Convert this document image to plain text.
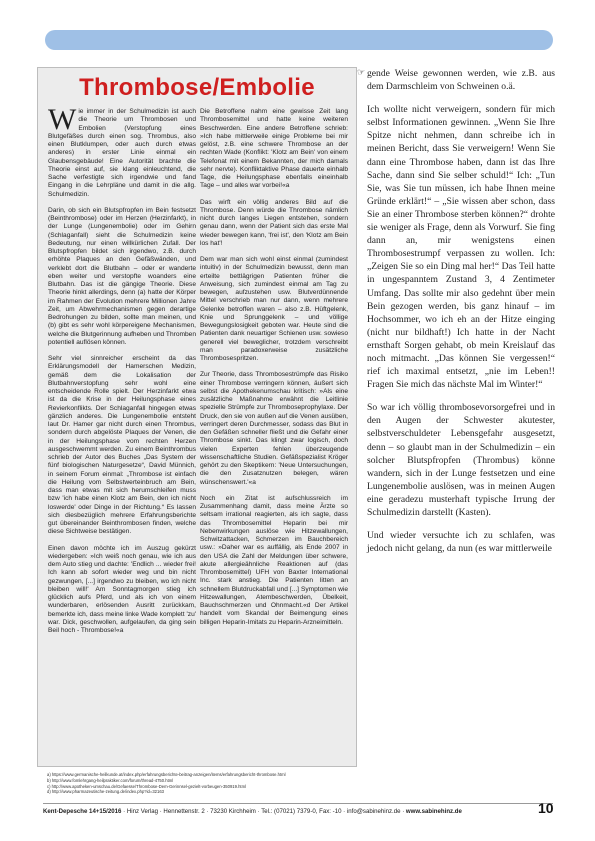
Thrombose/Embolie

Wie immer in der Schulmedizin ist auch die Theorie um Thrombosen und Embolien (Verstopfung eines Blutgefäßes durch einen sog. Thrombus, also einen Blutklumpen, oder auch durch etwas anderes) in erster Linie einmal ein Glaubensgebäude! Eine Autorität brachte die Theorie einst auf, sie klang einleuchtend, die Sache verfestigte sich irgendwie und fand Eingang in die Lehrpläne und damit in die allg. Schulmedizin.

Darin, ob sich ein Blutspfropfen im Bein festsetzt (Beinthrombose) oder im Herzen (Herzinfarkt), in der Lunge (Lungenembolie) oder im Gehirn (Schlaganfall) sieht die Schulmedizin keine Bedeutung, nur einen willkürlichen Zufall. Der Blutspfropfen bildet sich irgendwo, z.B. durch erhöhte Plaques an den Gefäßwänden, und verklebt dort die Blutbahn – oder er wanderte eben weiter und verstopfte woanders eine Blutbahn. Das ist die gängige Theorie. Diese Theorie hinkt allerdings, denn (a) hatte der Körper im Rahmen der Evolution mehrere Millionen Jahre Zeit, um Abwehrmechanismen gegen derartige Bedrohungen zu bilden, sollte man meinen, und (b) gibt es sehr wohl körpereigene Mechanismen, welche die Blutgerinnung aufheben und Thromben potentiell auflösen können.

Sehr viel sinnreicher erscheint da das Erklärungsmodell der Hamerschen Medizin, gemäß dem die Lokalisation der Blutbahnverstopfung sehr wohl eine entscheidende Rolle spielt. Der Herzinfarkt etwa ist da die Krise in der Heilungsphase eines Revierkonflikts. Der Schlaganfall hingegen etwas gänzlich anderes. Die Lungenembolie entsteht laut Dr. Hamer gar nicht durch einen Thrombus, sondern durch abgelöste Plaques der Venen, die in der Heilungsphase vom rechten Herzen ausgeschwemmt werden. Zu einem Beinthrombus schrieb der Autor des Buches „Das System der fünf biologischen Naturgesetze“, David Münnich, in seinem Forum einmal: „Thrombose ist einfach die Heilung vom Selbstwerteinbruch am Bein, dass man etwas mit sich herumschleifen muss bzw 'ich habe einen Klotz am Bein, den ich nicht loswerde' oder Dinge in der Richtung.“ Es lassen sich diesbezüglich mehrere Erfahrungsberichte gut übereinander Beinthrombosen finden, welche diese Sichtweise bestätigen.

Einen davon möchte ich im Auszug gekürzt wiedergeben: »Ich weiß noch genau, wie ich aus dem Auto stieg und dachte: 'Endlich ... wieder frei! Ich kann ab sofort wieder weg und bin nicht gezwungen, [...] irgendwo zu bleiben, wo ich nicht bleiben will!' Am Sonntagmorgen stieg ich glücklich aufs Pferd, und als ich von einem wunderbaren, erlösenden Ausritt zurückkam, bemerkte ich, dass meine linke Wade komplett 'zu' war. Dick, geschwollen, aufgelaufen, da ging sein Beil hoch - Thrombose!«a

Die Betroffene nahm eine gewisse Zeit lang Thrombosemittel und hatte keine weiteren Beschwerden. Eine andere Betroffene schrieb: »Ich habe mittlerweile einige Probleme bei mir gelöst, z.B. eine schwere Thrombose an der rechten Wade (Konflikt: 'Klotz am Bein' von einem Telefonat mit einem Bekannten, der mich damals sehr nervte). Konfliktaktive Phase dauerte einhalb Tage, die Heilungsphase ebenfalls eineinhalb Tage – und alles war vorbei!«a

Das wirft ein völlig anderes Bild auf die Thrombose. Denn würde die Thrombose nämlich nicht durch langes Liegen entstehen, sondern genau dann, wenn der Patient sich das erste Mal wieder bewegen kann, 'frei ist', den 'Klotz am Bein los hat'!

Dem war man sich wohl einst einmal (zumindest intuitiv) in der Schulmedizin bewusst, denn man erteilte bettlägrigen Patienten früher die Anweisung, sich zumindest einmal am Tag zu bewegen, aufzustehen usw. Blutverdünnende Mittel verschrieb man nur dann, wenn mehrere Gelenke betroffen waren – also z.B. Hüftgelenk, Knie und Sprunggelenk – und völlige Bewegungslosigkeit geboten war. Heute sind die Patienten dank neuartiger Schienen usw. sowieso generell viel beweglicher, trotzdem verschreibt man paradoxerweise zusätzliche Thrombosespritzen.

Zur Theorie, dass Thrombosestrümpfe das Risiko einer Thrombose verringern können, äußert sich selbst die Apothekenumschau kritisch: »Als eine zusätzliche Maßnahme erwähnt die Leitlinie spezielle Strümpfe zur Thromboseprophylaxe. Der Druck, den sie von außen auf die Venen ausüben, verringert deren Durchmesser, sodass das Blut in den Gefäßen schneller fließt und die Gefahr einer Thrombose sinkt. Das klingt zwar logisch, doch vielen Experten fehlen überzeugende wissenschaftliche Studien. Gefäßspezialist Kröger gehört zu den Skeptikern: 'Neue Untersuchungen, die den Zusatznutzen belegen, wären wünschenswert.'«a

Noch ein Zitat ist aufschlussreich im Zusammenhang damit, dass meine Ärzte so seltsam irrational reagierten, als ich sagte, dass das Thrombosemittel Heparin bei mir Nebenwirkungen auslöse wie Hitzewallungen, Schwitzattacken, Schmerzen im Bauchbereich usw.: »Daher war es auffällig, als Ende 2007 in den USA die Zahl der Meldungen über schwere, akute allergieähnliche Reaktionen auf (das Thrombosemittel) UFH von Baxter International Inc. stark anstieg. Die Patienten litten an schnellem Blutdruckabfall und [...] Symptomen wie Hitzewallungen, Atembeschwerden, Übelkeit, Bauchschmerzen und Ohnmacht.«d Der Artikel handelt vom Skandal der Beimengung eines billigen Heparin-Imitats zu Heparin-Arzneimitteln.

a) https://www.germanische-heilkunde.at/index.php/erfahrungsberichte-beitrag-anzeigen/items/erfahrungsbericht-thrombose.html
b) http://www.fomlehrgang-heilpraktiker.com/forum/thread-4750.html
c) http://www.apotheken-umschau.de/Gefaesse/Thrombose-Dem-Gerinnsel-gezielt-vorbeugen-350919.html
d) http://www.pharmazeutische-zeitung.de/index.php?id=32163
☞ gende Weise gewonnen werden, wie z.B. aus dem Darmschleim von Schweinen o.ä.

Ich wollte nicht verweigern, sondern für mich selbst Informationen gewinnen. „Wenn Sie Ihre Spitze nicht nehmen, dann schreibe ich in meinen Bericht, dass Sie verweigern! Wenn Sie dann eine Thrombose haben, dann ist das Ihre Sache, dann sind Sie selber schuld!“ Ich: „Tun Sie, was Sie tun müssen, ich habe Ihnen meine Gründe erklärt!“ – „Sie wissen aber schon, dass Sie an einer Thrombose sterben können?“ drohte sie weniger als Frage, denn als Vorwurf. Sie fing dann an, mir wenigstens einen Thrombosestrumpf verpassen zu wollen. Ich: „Zeigen Sie so ein Ding mal her!“ Das Teil hatte in ungespanntem Zustand 3, 4 Zentimeter Umfang. Das sollte mir also gedehnt über mein Bein gezogen werden, bis ganz hinauf – im Hochsommer, wo ich eh an der Hitze einging (nicht nur bildhaft!) Ich hatte in der Nacht ernsthaft Sorgen gehabt, ob mein Kreislauf das noch mitmacht. „Das können Sie vergessen!“ rief ich maximal entsetzt, „nie im Leben!! Fragen Sie mich das nächste Mal im Winter!“

So war ich völlig thrombosevorsorgefrei und in den Augen der Schwester akutester, selbstverschuldeter Lebensgefahr ausgesetzt, denn – so glaubt man in der Schulmedizin – ein solcher Blutspfropfen (Thrombus) könne wandern, sich in der Lunge festsetzen und eine Lungenembolie auslösen, was in meinen Augen eine geradezu musterhaft typische Irrung der Schulmedizin darstellt (Kasten).

Und wieder versuchte ich zu schlafen, was jedoch nicht gelang, da nun (es war mittlerweile

Kent-Depesche 14+15/2016 · Hinz Verlag · Hennettenstr. 2 · 73230 Kirchheim · Tel.: (07021) 7379-0, Fax: -10 · info@sabinehinz.de · www.sabinehinz.de	10
